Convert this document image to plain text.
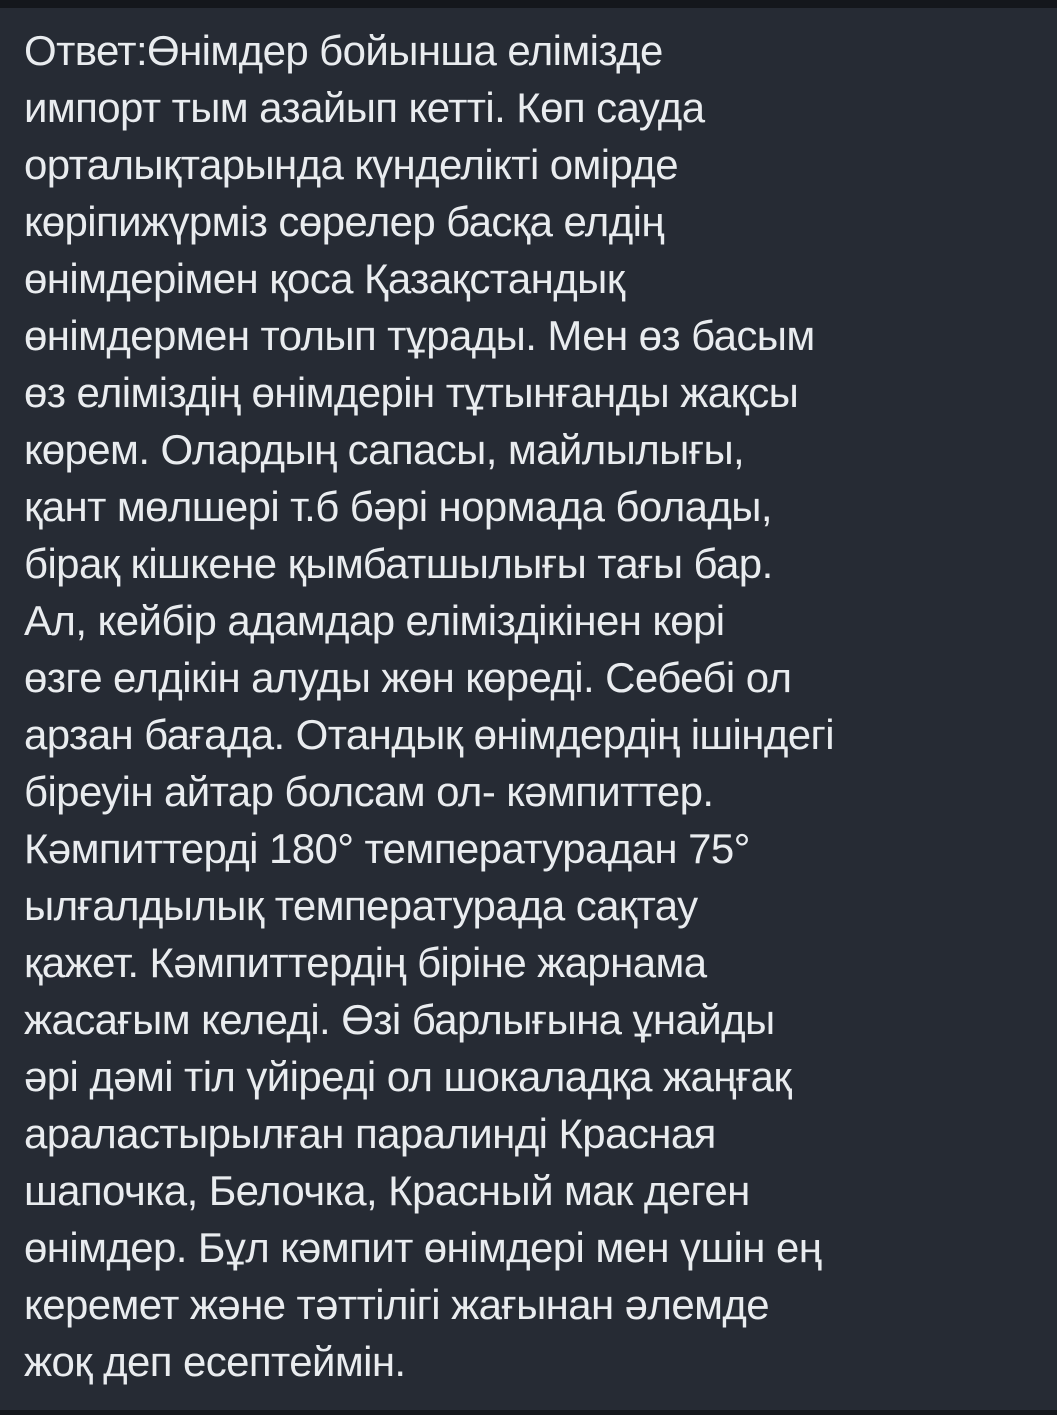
Ответ:Өнімдер бойынша елімізде
импорт тым азайып кетті. Көп сауда
орталықтарында күнделікті омірде
көріпижүрміз сөрелер басқа елдің
өнімдерімен қоса Қазақстандық
өнімдермен толып тұрады. Мен өз басым
өз еліміздің өнімдерін тұтынғанды жақсы
көрем. Олардың сапасы, майлылығы,
қант мөлшері т.б бәрі нормада болады,
бірақ кішкене қымбатшылығы тағы бар.
Ал, кейбір адамдар еліміздікінен көрі
өзге елдікін алуды жөн көреді. Себебі ол
арзан бағада. Отандық өнімдердің ішіндегі
біреуін айтар болсам ол- кәмпиттер.
Кәмпиттерді 180° температурадан 75°
ылғалдылық температурада сақтау
қажет. Кәмпиттердің біріне жарнама
жасағым келеді. Өзі барлығына ұнайды
әрі дәмі тіл үйіреді ол шокаладқа жаңғақ
араластырылған паралинді Красная
шапочка, Белочка, Красный мак деген
өнімдер. Бұл кәмпит өнімдері мен үшін ең
керемет және тәттілігі жағынан әлемде
жоқ деп есептеймін.
